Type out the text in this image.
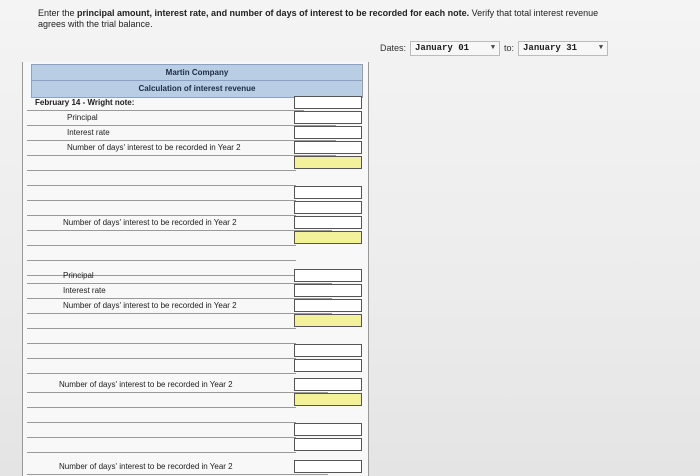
Enter the principal amount, interest rate, and number of days of interest to be recorded for each note. Verify that total interest revenue agrees with the trial balance.
Dates: January 01	▼ to: January 31	▼
Martin Company
Calculation of interest revenue
February 14 - Wright note:
Principal
Interest rate
Number of days' interest to be recorded in Year 2
Number of days' interest to be recorded in Year 2
Principal
Interest rate
Number of days' interest to be recorded in Year 2
Number of days' interest to be recorded in Year 2
Number of days' interest to be recorded in Year 2
